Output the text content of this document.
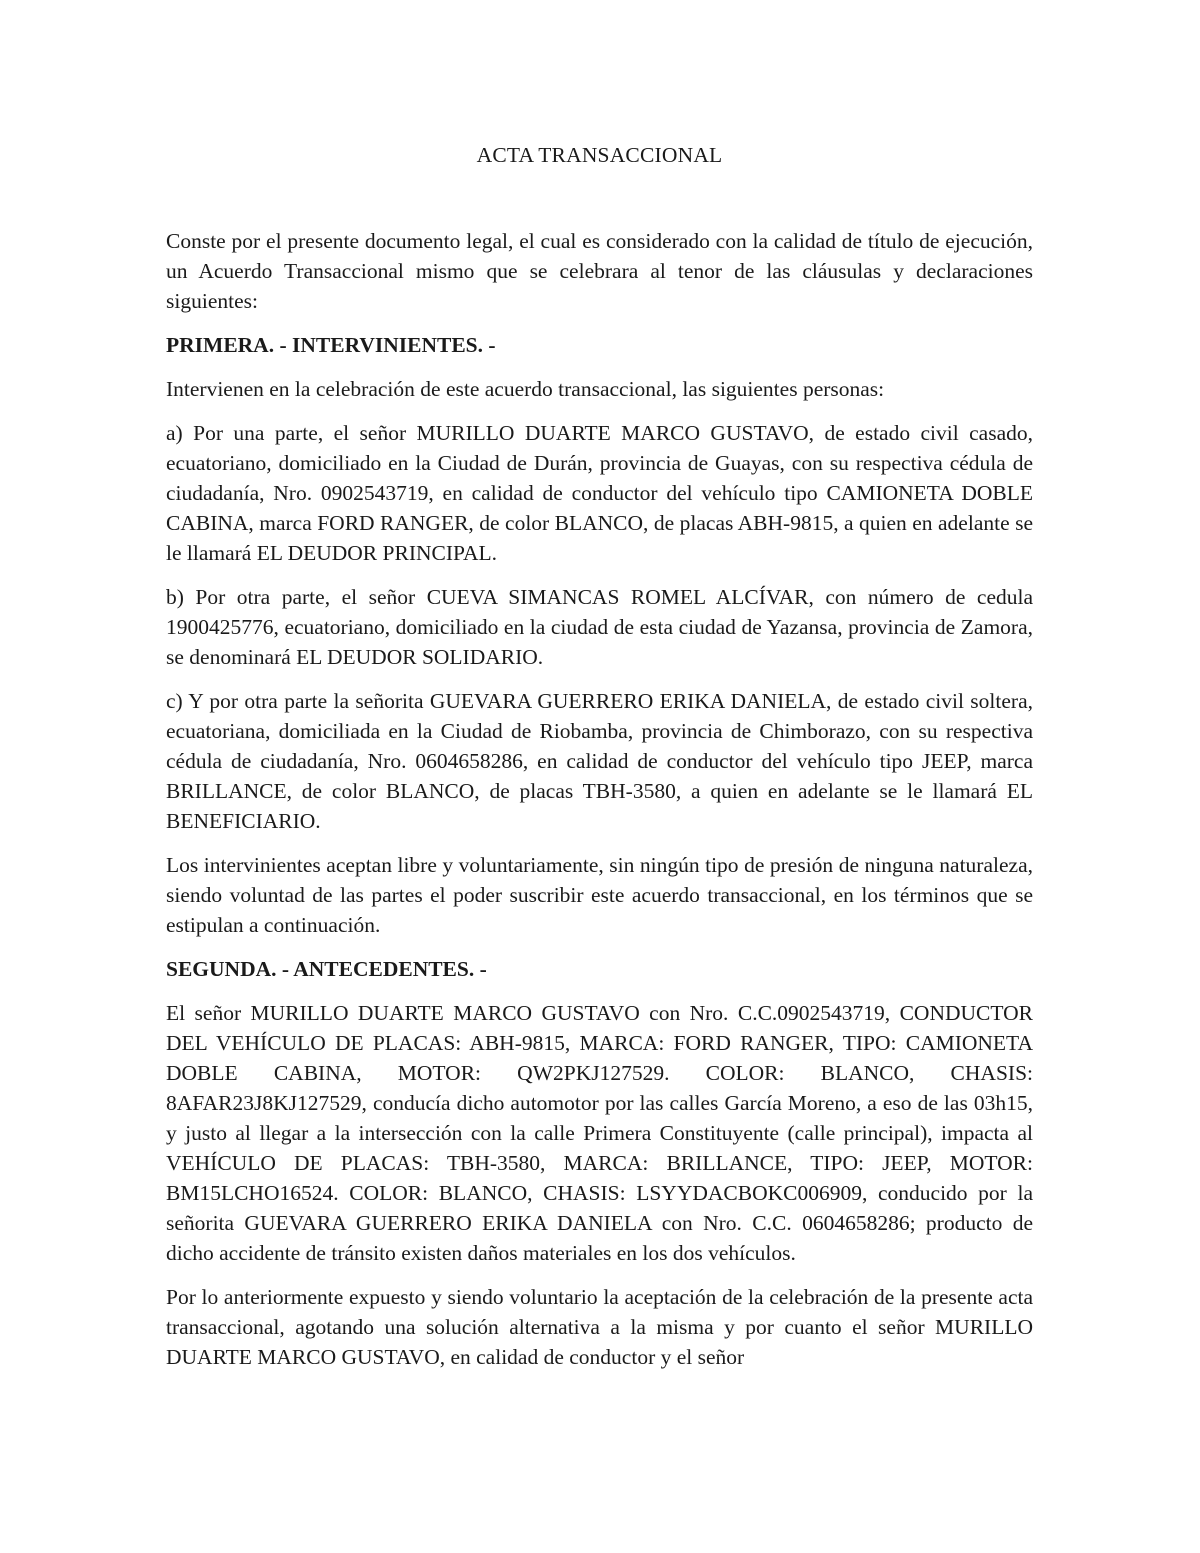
ACTA TRANSACCIONAL

Conste por el presente documento legal, el cual es considerado con la calidad de título de ejecución, un Acuerdo Transaccional mismo que se celebrara al tenor de las cláusulas y declaraciones siguientes:

PRIMERA. - INTERVINIENTES. -

Intervienen en la celebración de este acuerdo transaccional, las siguientes personas:

a) Por una parte, el señor MURILLO DUARTE MARCO GUSTAVO, de estado civil casado, ecuatoriano, domiciliado en la Ciudad de Durán, provincia de Guayas, con su respectiva cédula de ciudadanía, Nro. 0902543719, en calidad de conductor del vehículo tipo CAMIONETA DOBLE CABINA, marca FORD RANGER, de color BLANCO, de placas ABH-9815, a quien en adelante se le llamará EL DEUDOR PRINCIPAL.

b) Por otra parte, el señor CUEVA SIMANCAS ROMEL ALCÍVAR, con número de cedula 1900425776, ecuatoriano, domiciliado en la ciudad de esta ciudad de Yazansa, provincia de Zamora, se denominará EL DEUDOR SOLIDARIO.

c) Y por otra parte la señorita GUEVARA GUERRERO ERIKA DANIELA, de estado civil soltera, ecuatoriana, domiciliada en la Ciudad de Riobamba, provincia de Chimborazo, con su respectiva cédula de ciudadanía, Nro. 0604658286, en calidad de conductor del vehículo tipo JEEP, marca BRILLANCE, de color BLANCO, de placas TBH-3580, a quien en adelante se le llamará EL BENEFICIARIO.

Los intervinientes aceptan libre y voluntariamente, sin ningún tipo de presión de ninguna naturaleza, siendo voluntad de las partes el poder suscribir este acuerdo transaccional, en los términos que se estipulan a continuación.

SEGUNDA. - ANTECEDENTES. -

El señor MURILLO DUARTE MARCO GUSTAVO con Nro. C.C.0902543719, CONDUCTOR DEL VEHÍCULO DE PLACAS: ABH-9815, MARCA: FORD RANGER, TIPO: CAMIONETA DOBLE CABINA, MOTOR: QW2PKJ127529. COLOR: BLANCO, CHASIS: 8AFAR23J8KJ127529, conducía dicho automotor por las calles García Moreno, a eso de las 03h15, y justo al llegar a la intersección con la calle Primera Constituyente (calle principal), impacta al VEHÍCULO DE PLACAS: TBH-3580, MARCA: BRILLANCE, TIPO: JEEP, MOTOR: BM15LCHO16524. COLOR: BLANCO, CHASIS: LSYYDACBOKC006909, conducido por la señorita GUEVARA GUERRERO ERIKA DANIELA con Nro. C.C. 0604658286; producto de dicho accidente de tránsito existen daños materiales en los dos vehículos.

Por lo anteriormente expuesto y siendo voluntario la aceptación de la celebración de la presente acta transaccional, agotando una solución alternativa a la misma y por cuanto el señor MURILLO DUARTE MARCO GUSTAVO, en calidad de conductor y el señor
